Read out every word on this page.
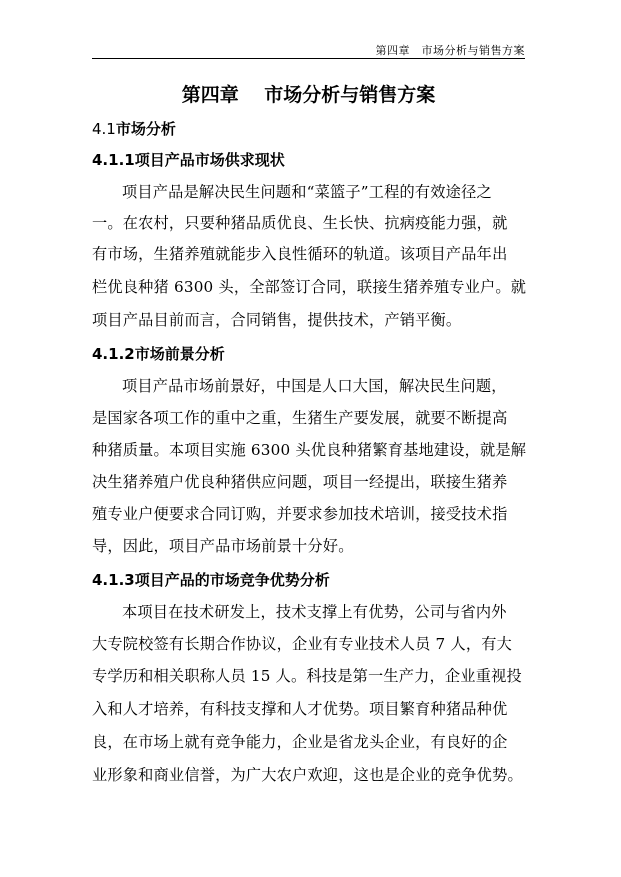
第四章　市场分析与销售方案
第四章　 市场分析与销售方案
4.1市场分析
4.1.1项目产品市场供求现状
项目产品是解决民生问题和“菜篮子”工程的有效途径之
一。在农村，只要种猪品质优良、生长快、抗病疫能力强，就
有市场，生猪养殖就能步入良性循环的轨道。该项目产品年出
栏优良种猪 6300 头，全部签订合同，联接生猪养殖专业户。就
项目产品目前而言，合同销售，提供技术，产销平衡。
4.1.2市场前景分析
项目产品市场前景好，中国是人口大国，解决民生问题，
是国家各项工作的重中之重，生猪生产要发展，就要不断提高
种猪质量。本项目实施 6300 头优良种猪繁育基地建设，就是解
决生猪养殖户优良种猪供应问题，项目一经提出，联接生猪养
殖专业户便要求合同订购，并要求参加技术培训，接受技术指
导，因此，项目产品市场前景十分好。
4.1.3项目产品的市场竞争优势分析
本项目在技术研发上，技术支撑上有优势，公司与省内外
大专院校签有长期合作协议，企业有专业技术人员 7 人，有大
专学历和相关职称人员 15 人。科技是第一生产力，企业重视投
入和人才培养，有科技支撑和人才优势。项目繁育种猪品种优
良，在市场上就有竞争能力，企业是省龙头企业，有良好的企
业形象和商业信誉，为广大农户欢迎，这也是企业的竞争优势。
